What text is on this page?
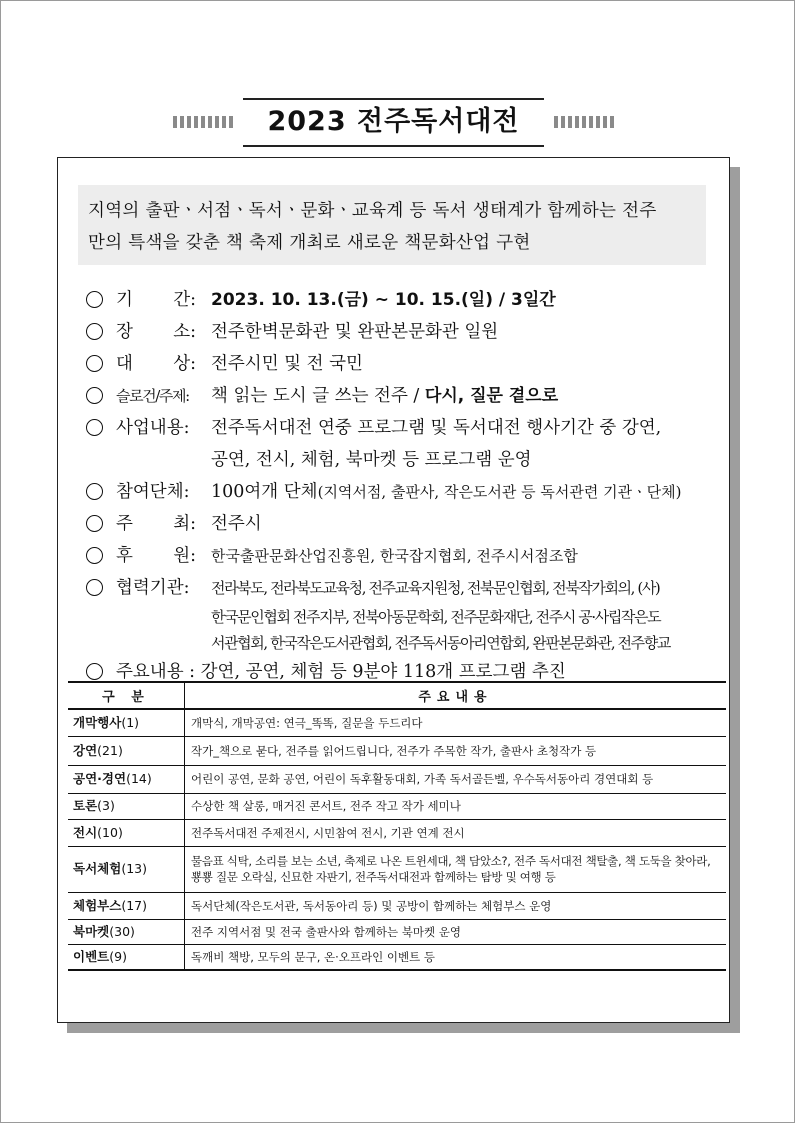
2023 전주독서대전
지역의 출판ㆍ서점ㆍ독서ㆍ문화ㆍ교육계 등 독서 생태계가 함께하는 전주
만의 특색을 갖춘 책 축제 개최로 새로운 책문화산업 구현
기 간: 2023. 10. 13.(금) ~ 10. 15.(일) / 3일간
장 소: 전주한벽문화관 및 완판본문화관 일원
대 상: 전주시민 및 전 국민
슬로건/주제: 책 읽는 도시 글 쓰는 전주 / 다시, 질문 곁으로
사업내용: 전주독서대전 연중 프로그램 및 독서대전 행사기간 중 강연,
공연, 전시, 체험, 북마켓 등 프로그램 운영
참여단체: 100여개 단체(지역서점, 출판사, 작은도서관 등 독서관련 기관ㆍ단체)
주 최: 전주시
후 원: 한국출판문화산업진흥원, 한국잡지협회, 전주시서점조합
협력기관: 전라북도, 전라북도교육청, 전주교육지원청, 전북문인협회, 전북작가회의, (사)
한국문인협회 전주지부, 전북아동문학회, 전주문화재단, 전주시 공·사립작은도
서관협회, 한국작은도서관협회, 전주독서동아리연합회, 완판본문화관, 전주향교
주요내용 : 강연, 공연, 체험 등 9분야 118개 프로그램 추진
구 분	주요내용
개막행사(1)	개막식, 개막공연: 연극_똑똑, 질문을 두드리다
강연(21)	작가_책으로 묻다, 전주를 읽어드립니다, 전주가 주목한 작가, 출판사 초청작가 등
공연·경연(14)	어린이 공연, 문화 공연, 어린이 독후활동대회, 가족 독서골든벨, 우수독서동아리 경연대회 등
토론(3)	수상한 책 살롱, 매거진 콘서트, 전주 작고 작가 세미나
전시(10)	전주독서대전 주제전시, 시민참여 전시, 기관 연계 전시
독서체험(13)	물음표 식탁, 소리를 보는 소년, 축제로 나온 트윈세대, 책 담았소?, 전주 독서대전 책탈출, 책 도둑을 찾아라, 뿅뿅 질문 오락실, 신묘한 자판기, 전주독서대전과 함께하는 탐방 및 여행 등
체험부스(17)	독서단체(작은도서관, 독서동아리 등) 및 공방이 함께하는 체험부스 운영
북마켓(30)	전주 지역서점 및 전국 출판사와 함께하는 북마켓 운영
이벤트(9)	독깨비 책방, 모두의 문구, 온·오프라인 이벤트 등
